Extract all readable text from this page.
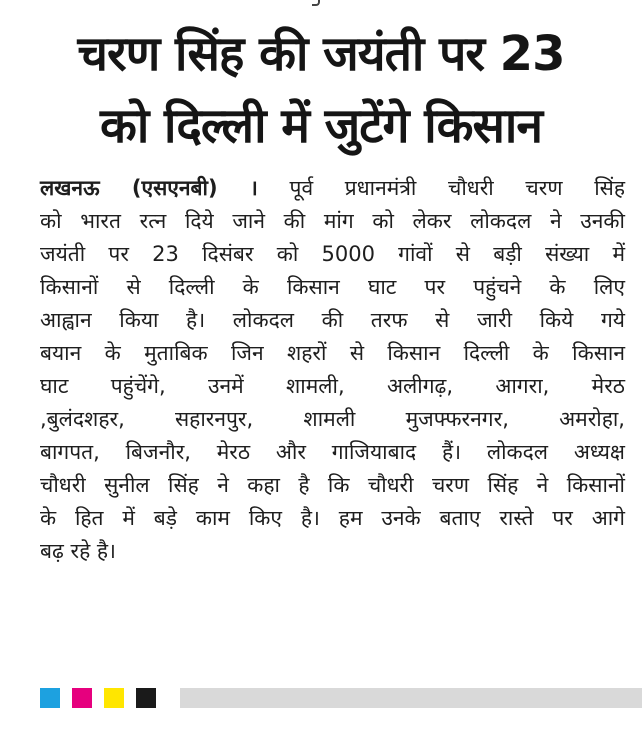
चरण सिंह की जयंती पर 23
को दिल्ली में जुटेंगे किसान
लखनऊ (एसएनबी) । पूर्व प्रधानमंत्री चौधरी चरण सिंह
को भारत रत्न दिये जाने की मांग को लेकर लोकदल ने उनकी
जयंती पर 23 दिसंबर को 5000 गांवों से बड़ी संख्या में
किसानों से दिल्ली के किसान घाट पर पहुंचने के लिए
आह्वान किया है। लोकदल की तरफ से जारी किये गये
बयान के मुताबिक जिन शहरों से किसान दिल्ली के किसान
घाट पहुंचेंगे, उनमें शामली, अलीगढ़, आगरा, मेरठ
,बुलंदशहर, सहारनपुर, शामली मुजफ्फरनगर, अमरोहा,
बागपत, बिजनौर, मेरठ और गाजियाबाद हैं। लोकदल अध्यक्ष
चौधरी सुनील सिंह ने कहा है कि चौधरी चरण सिंह ने किसानों
के हित में बड़े काम किए है। हम उनके बताए रास्ते पर आगे
बढ़ रहे है।
